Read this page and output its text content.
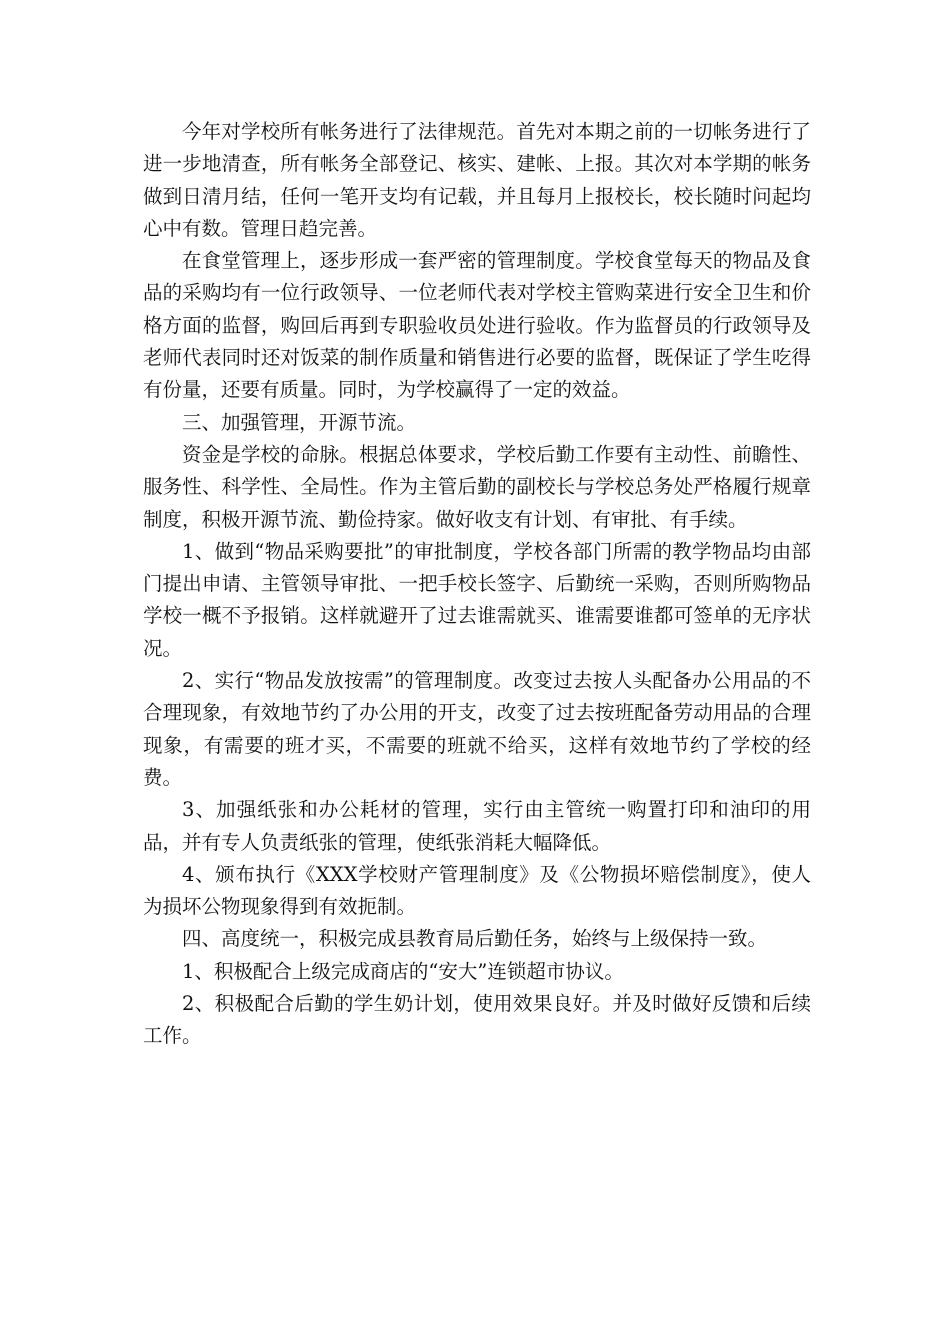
今年对学校所有帐务进行了法律规范。首先对本期之前的一切帐务进行了进一步地清查，所有帐务全部登记、核实、建帐、上报。其次对本学期的帐务做到日清月结，任何一笔开支均有记载，并且每月上报校长，校长随时问起均心中有数。管理日趋完善。

在食堂管理上，逐步形成一套严密的管理制度。学校食堂每天的物品及食品的采购均有一位行政领导、一位老师代表对学校主管购菜进行安全卫生和价格方面的监督，购回后再到专职验收员处进行验收。作为监督员的行政领导及老师代表同时还对饭菜的制作质量和销售进行必要的监督，既保证了学生吃得有份量，还要有质量。同时，为学校赢得了一定的效益。

三、加强管理，开源节流。

资金是学校的命脉。根据总体要求，学校后勤工作要有主动性、前瞻性、服务性、科学性、全局性。作为主管后勤的副校长与学校总务处严格履行规章制度，积极开源节流、勤俭持家。做好收支有计划、有审批、有手续。

1、做到“物品采购要批”的审批制度，学校各部门所需的教学物品均由部门提出申请、主管领导审批、一把手校长签字、后勤统一采购，否则所购物品学校一概不予报销。这样就避开了过去谁需就买、谁需要谁都可签单的无序状况。

2、实行“物品发放按需”的管理制度。改变过去按人头配备办公用品的不合理现象，有效地节约了办公用的开支，改变了过去按班配备劳动用品的合理现象，有需要的班才买，不需要的班就不给买，这样有效地节约了学校的经费。

3、加强纸张和办公耗材的管理，实行由主管统一购置打印和油印的用品，并有专人负责纸张的管理，使纸张消耗大幅降低。

4、颁布执行《XXX学校财产管理制度》及《公物损坏赔偿制度》，使人为损坏公物现象得到有效扼制。

四、高度统一，积极完成县教育局后勤任务，始终与上级保持一致。

1、积极配合上级完成商店的“安大”连锁超市协议。

2、积极配合后勤的学生奶计划，使用效果良好。并及时做好反馈和后续工作。
